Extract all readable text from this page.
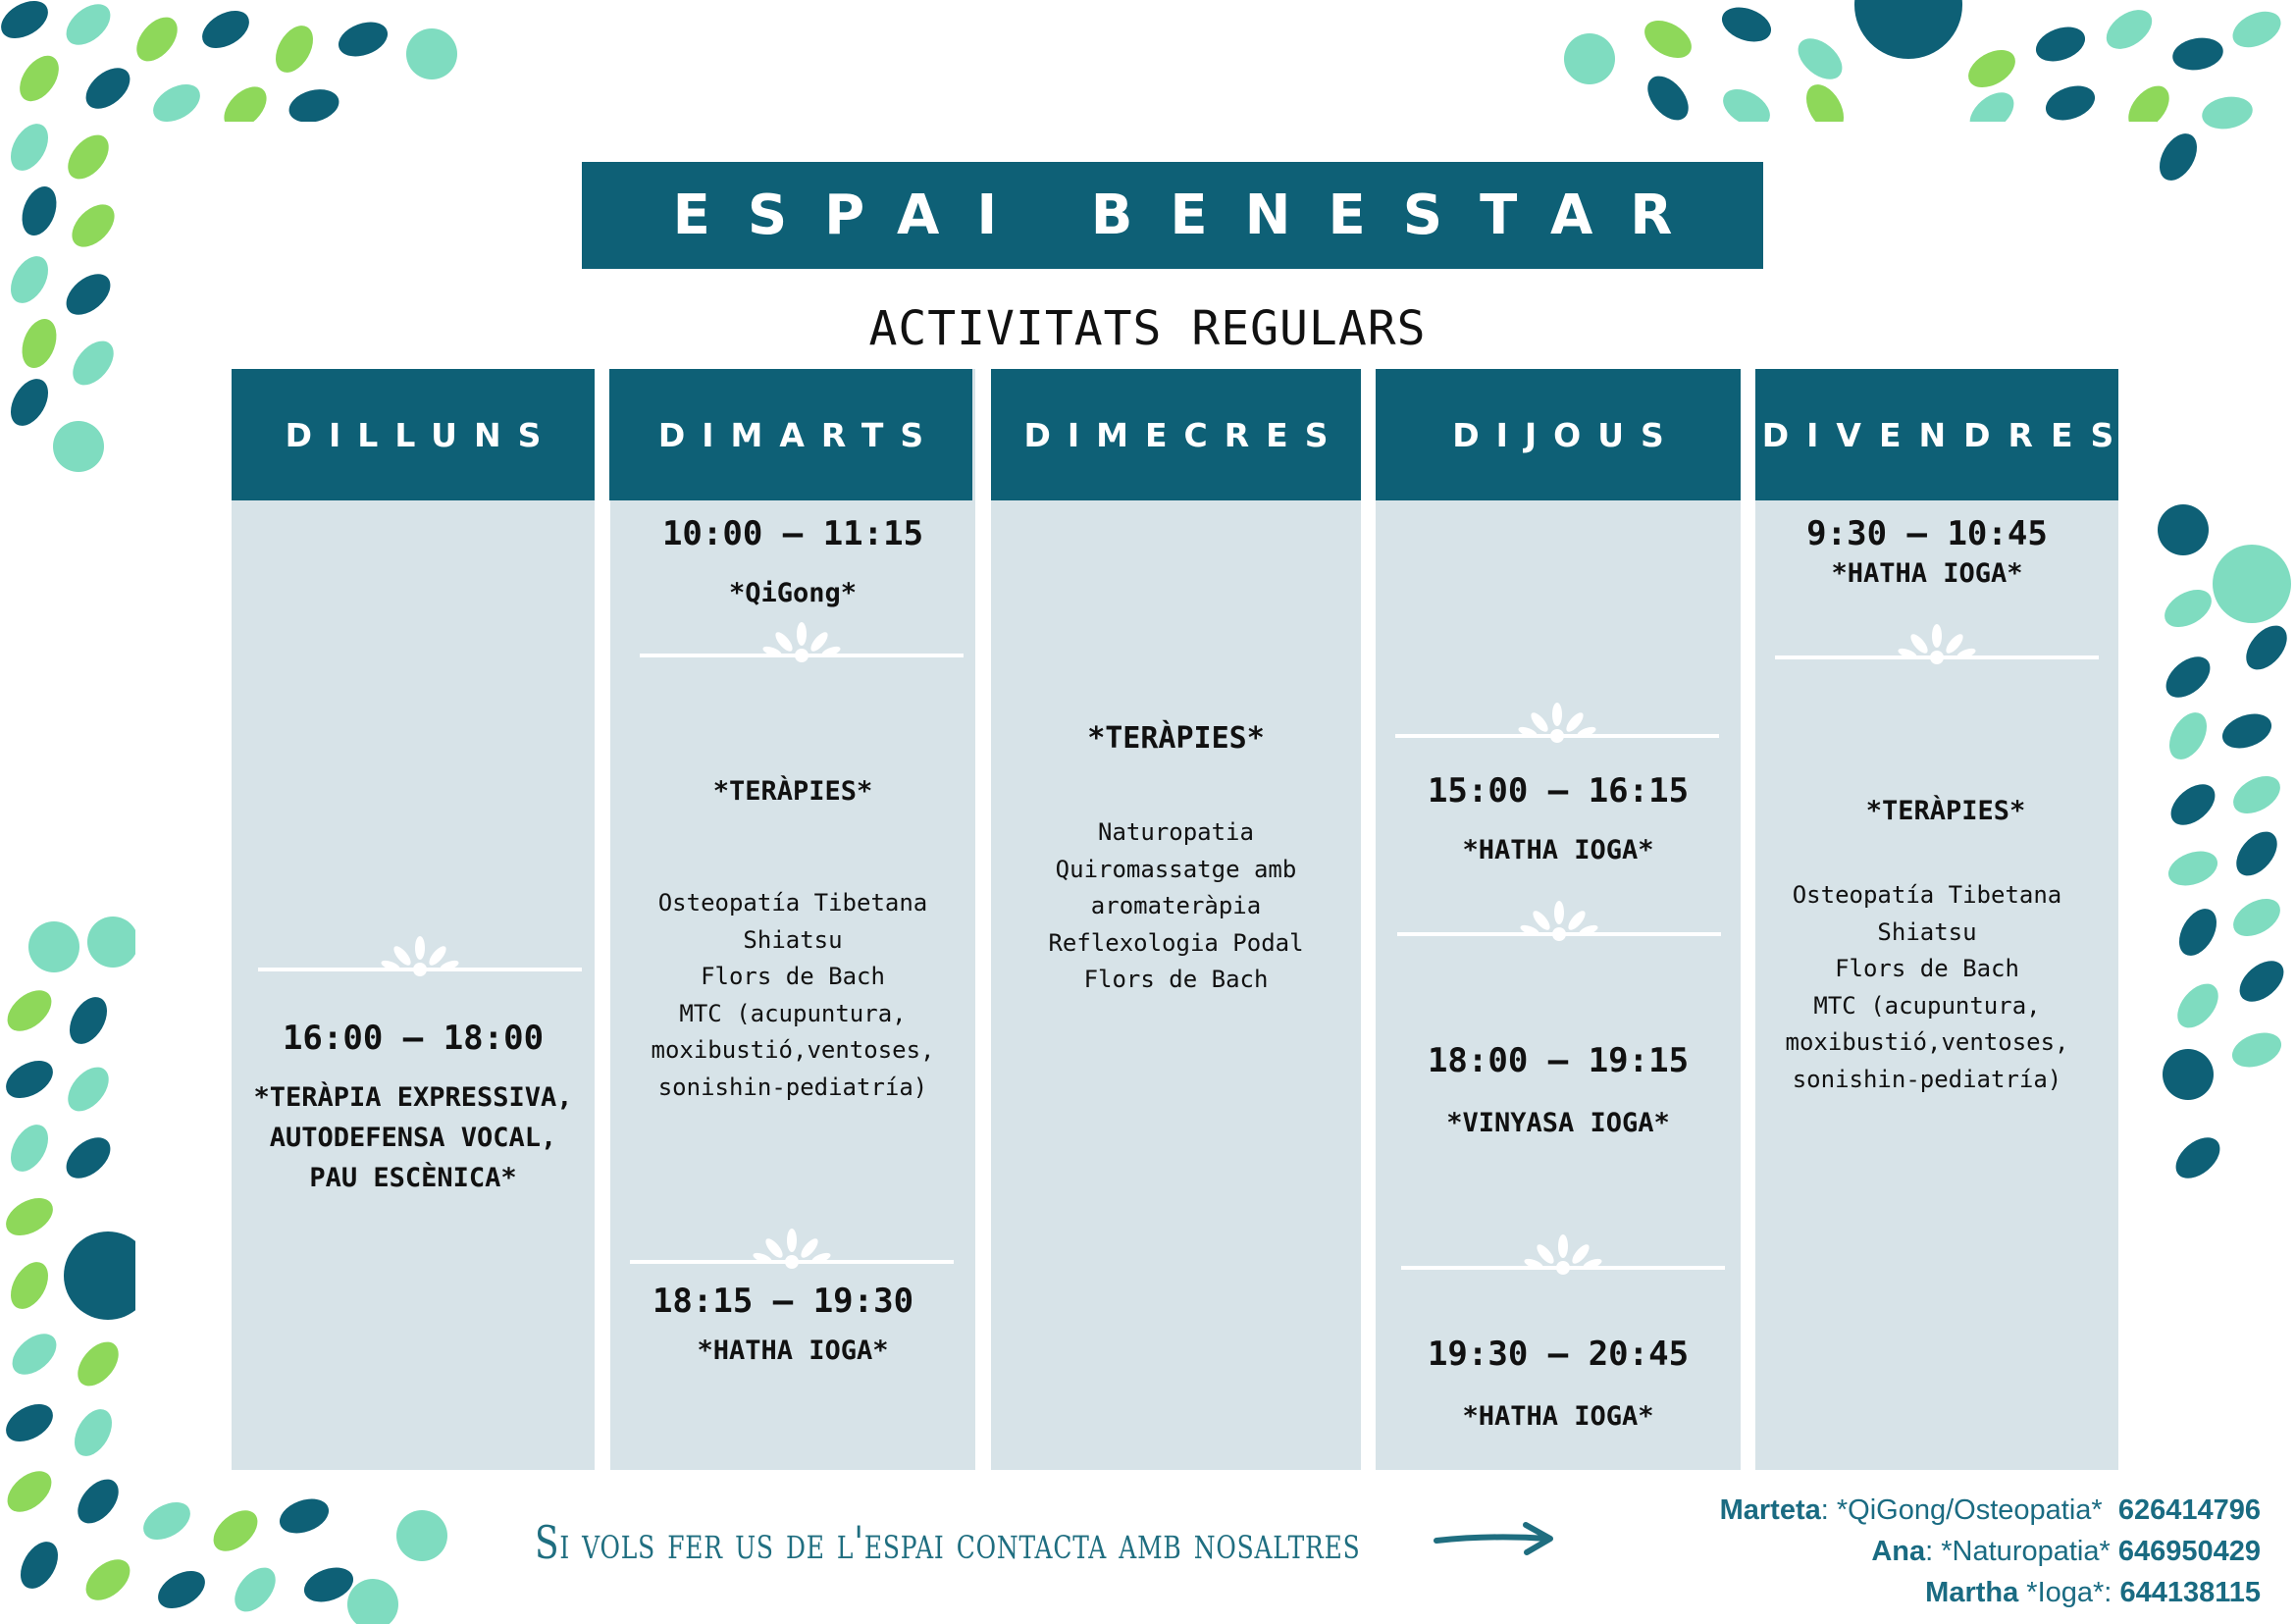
ESPAI BENESTAR
ACTIVITATS REGULARS
DILLUNS
16:00 – 18:00
*TERÀPIA EXPRESSIVA,
AUTODEFENSA VOCAL,
PAU ESCÈNICA*
DIMARTS
10:00 – 11:15
*QiGong*
*TERÀPIES*
Osteopatía Tibetana
Shiatsu
Flors de Bach
MTC (acupuntura,
moxibustió,ventoses,
sonishin-pediatría)
18:15 – 19:30
*HATHA IOGA*
DIMECRES
*TERÀPIES*
Naturopatia
Quiromassatge amb
aromateràpia
Reflexologia Podal
Flors de Bach
DIJOUS
15:00 – 16:15
*HATHA IOGA*
18:00 – 19:15
*VINYASA IOGA*
19:30 – 20:45
*HATHA IOGA*
DIVENDRES
9:30 – 10:45
*HATHA IOGA*
*TERÀPIES*
Osteopatía Tibetana
Shiatsu
Flors de Bach
MTC (acupuntura,
moxibustió,ventoses,
sonishin-pediatría)
Si vols fer us de l'espai contacta amb nosaltres
Marteta: *QiGong/Osteopatia* 626414796
Ana: *Naturopatia* 646950429
Martha *Ioga*: 644138115
